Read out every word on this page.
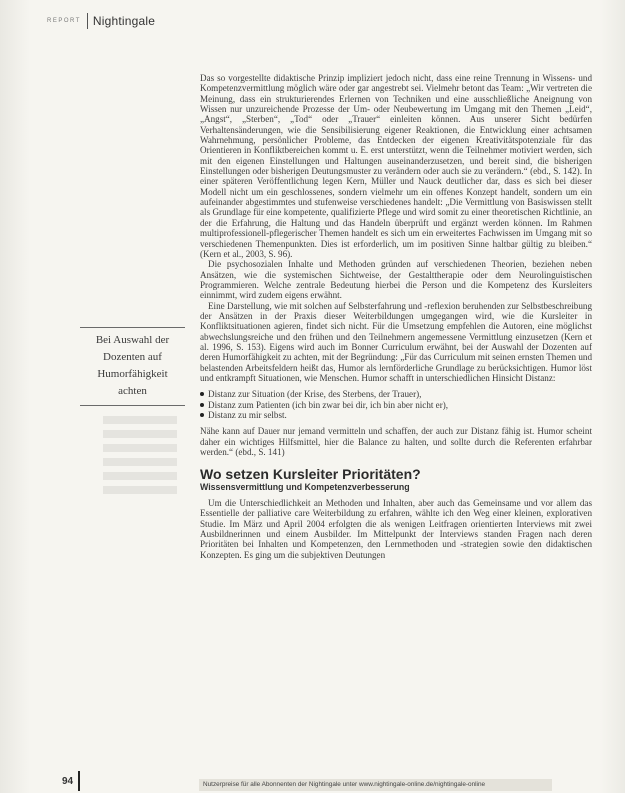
REPORT Nightingale
Bei Auswahl der
Dozenten auf
Humorfähigkeit
achten

Das so vorgestellte didaktische Prinzip impliziert jedoch nicht, dass eine reine Trennung in Wissens- und Kompetenzvermittlung möglich wäre oder gar angestrebt sei. Vielmehr betont das Team: „Wir vertreten die Meinung, dass ein strukturierendes Erlernen von Techniken und eine ausschließliche Aneignung von Wissen nur unzureichende Prozesse der Um- oder Neubewertung im Umgang mit den Themen „Leid“, „Angst“, „Sterben“, „Tod“ oder „Trauer“ einleiten können. Aus unserer Sicht bedürfen Verhaltensänderungen, wie die Sensibilisierung eigener Reaktionen, die Entwicklung einer achtsamen Wahrnehmung, persönlicher Probleme, das Entdecken der eigenen Kreativitätspotenziale für das Orientieren in Konfliktbereichen kommt u. E. erst unterstützt, wenn die Teilnehmer motiviert werden, sich mit den eigenen Einstellungen und Haltungen auseinanderzusetzen, und bereit sind, die bisherigen Einstellungen oder bisherigen Deutungsmuster zu verändern oder auch sie zu verändern.“ (ebd., S. 142). In einer späteren Veröffentlichung legen Kern, Müller und Nauck deutlicher dar, dass es sich bei dieser Modell nicht um ein geschlossenes, sondern vielmehr um ein offenes Konzept handelt, sondern um ein aufeinander abgestimmtes und stufenweise verschiedenes handelt: „Die Vermittlung von Basiswissen stellt als Grundlage für eine kompetente, qualifizierte Pflege und wird somit zu einer theoretischen Richtlinie, an der die Erfahrung, die Haltung und das Handeln überprüft und ergänzt werden können. Im Rahmen multiprofessionell-pflegerischer Themen handelt es sich um ein erweitertes Fachwissen im Umgang mit so verschiedenen Themenpunkten. Dies ist erforderlich, um im positiven Sinne haltbar gültig zu bleiben.“ (Kern et al., 2003, S. 96).

Die psychosozialen Inhalte und Methoden gründen auf verschiedenen Theorien, beziehen neben Ansätzen, wie die systemischen Sichtweise, der Gestalttherapie oder dem Neurolinguistischen Programmieren. Welche zentrale Bedeutung hierbei die Person und die Kompetenz des Kursleiters einnimmt, wird zudem eigens erwähnt.

Eine Darstellung, wie mit solchen auf Selbsterfahrung und -reflexion beruhenden zur Selbstbeschreibung der Ansätzen in der Praxis dieser Weiterbildungen umgegangen wird, wie die Kursleiter in Konfliktsituationen agieren, findet sich nicht. Für die Umsetzung empfehlen die Autoren, eine möglichst abwechslungsreiche und den frühen und den Teilnehmern angemessene Vermittlung einzusetzen (Kern et al. 1996, S. 153). Eigens wird auch im Bonner Curriculum erwähnt, bei der Auswahl der Dozenten auf deren Humorfähigkeit zu achten, mit der Begründung: „Für das Curriculum mit seinen ernsten Themen und belastenden Arbeitsfeldern heißt das, Humor als lernförderliche Grundlage zu berücksichtigen. Humor löst und entkrampft Situationen, wie Menschen. Humor schafft in unterschiedlichen Hinsicht Distanz:

Distanz zur Situation (der Krise, des Sterbens, der Trauer),
Distanz zum Patienten (ich bin zwar bei dir, ich bin aber nicht er),
Distanz zu mir selbst.

Nähe kann auf Dauer nur jemand vermitteln und schaffen, der auch zur Distanz fähig ist. Humor scheint daher ein wichtiges Hilfsmittel, hier die Balance zu halten, und sollte durch die Referenten erfahrbar werden.“ (ebd., S. 141)

Wo setzen Kursleiter Prioritäten?
Wissensvermittlung und Kompetenzverbesserung

Um die Unterschiedlichkeit an Methoden und Inhalten, aber auch das Gemeinsame und vor allem das Essentielle der palliative care Weiterbildung zu erfahren, wählte ich den Weg einer kleinen, explorativen Studie. Im März und April 2004 erfolgten die als wenigen Leitfragen orientierten Interviews mit zwei Ausbildnerinnen und einem Ausbilder. Im Mittelpunkt der Interviews standen Fragen nach deren Prioritäten bei Inhalten und Kompetenzen, den Lernmethoden und -strategien sowie den didaktischen Konzepten. Es ging um die subjektiven Deutungen

94	Nutzerpreise für alle Abonnenten der Nightingale unter www.nightingale-online.de/nightingale-online
